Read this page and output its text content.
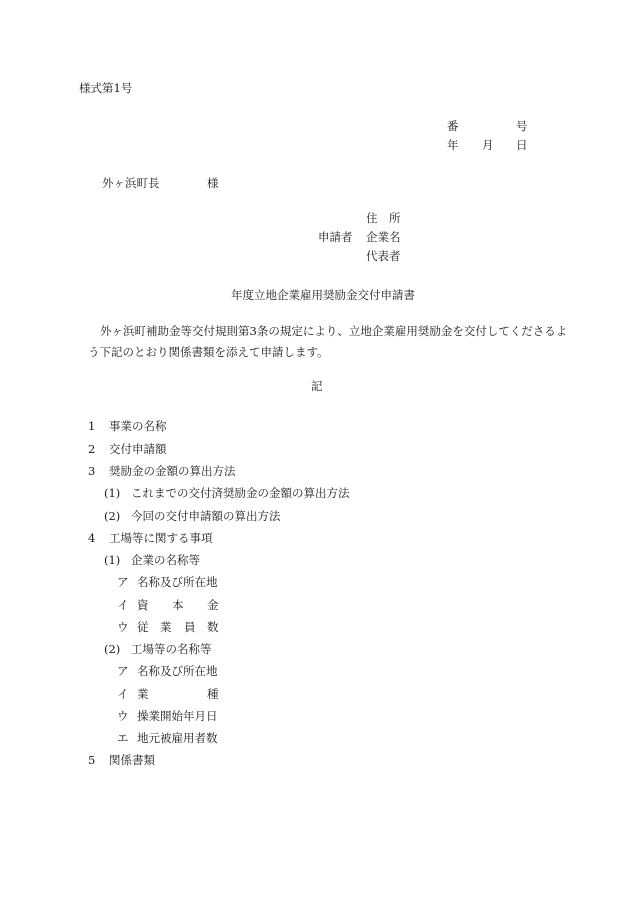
様式第1号
番	号
年 月 日
外ヶ浜町長	様
住　所
申請者 企業名
代表者
年度立地企業雇用奨励金交付申請書
外ヶ浜町補助金等交付規則第3条の規定により、立地企業雇用奨励金を交付してくださるよう下記のとおり関係書類を添えて申請します。
記
1 事業の名称
2 交付申請額
3 奨励金の金額の算出方法
(1) これまでの交付済奨励金の金額の算出方法
(2) 今回の交付申請額の算出方法
4 工場等に関する事項
(1) 企業の名称等
ア 名称及び所在地
イ 資 本 金
ウ 従 業 員 数
(2) 工場等の名称等
ア 名称及び所在地
イ 業	種
ウ 操業開始年月日
エ 地元被雇用者数
5 関係書類
